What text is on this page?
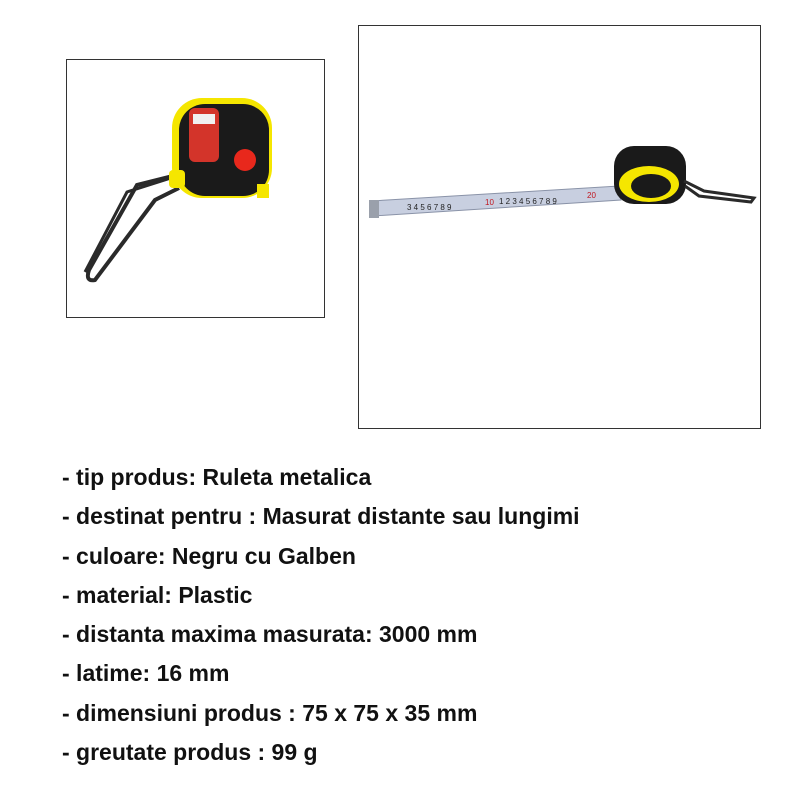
3 4 5 6 7 8 9
10 1 2 3 4 5 6 7 8 9
20
- tip produs: Ruleta metalica
- destinat pentru : Masurat distante sau lungimi
- culoare: Negru cu Galben
- material: Plastic
- distanta maxima masurata: 3000 mm
- latime: 16 mm
- dimensiuni produs : 75 x 75 x 35 mm
- greutate produs : 99 g
